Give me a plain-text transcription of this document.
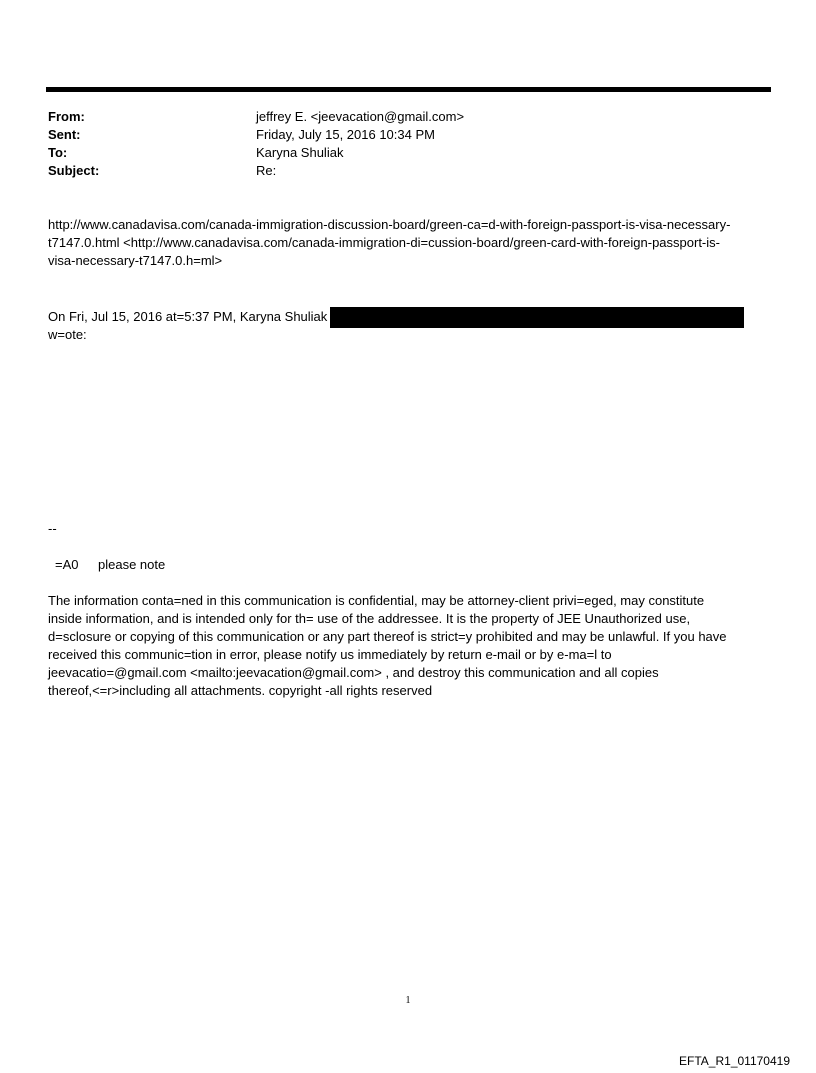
From:	jeffrey E. <jeevacation@gmail.com>
Sent:	Friday, July 15, 2016 10:34 PM
To:	Karyna Shuliak
Subject:	Re:
http://www.canadavisa.com/canada-immigration-discussion-board/green-ca=d-with-foreign-passport-is-visa-necessary-
t7147.0.html <http://www.canadavisa.com/canada-immigration-di=cussion-board/green-card-with-foreign-passport-is-
visa-necessary-t7147.0.h=ml>
On Fri, Jul 15, 2016 at=5:37 PM, Karyna Shuliak
w=ote:
--
=A0	please note
The information conta=ned in this communication is confidential, may be attorney-client privi=eged, may constitute
inside information, and is intended only for th= use of the addressee. It is the property of JEE Unauthorized use,
d=sclosure or copying of this communication or any part thereof is strict=y prohibited and may be unlawful. If you have
received this communic=tion in error, please notify us immediately by return e-mail or by e-ma=l to
jeevacatio=@gmail.com <mailto:jeevacation@gmail.com> , and destroy this communication and all copies
thereof,<=r>including all attachments. copyright -all rights reserved
1
EFTA_R1_01170419
